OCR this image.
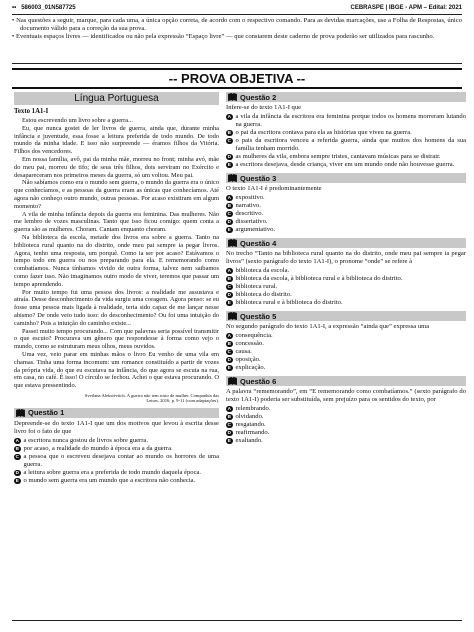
•• 586003_01N587725	CEBRASPE | IBGE - APM – Edital: 2021

• Nas questões a seguir, marque, para cada uma, a única opção correta, de acordo com o respectivo comando. Para as devidas marcações, use a Folha de Respostas, único documento válido para a correção da sua prova.

• Eventuais espaços livres — identificados ou não pela expressão “Espaço livre” — que constarem deste caderno de prova poderão ser utilizados para rascunho.

-- PROVA OBJETIVA --
Língua Portuguesa
Texto 1A1-I

Estou escrevendo um livro sobre a guerra...

Eu, que nunca gostei de ler livros de guerra, ainda que, durante minha infância e juventude, essa fosse a leitura preferida de todo mundo. De todo mundo da minha idade. E isso não surpreende — éramos filhos da Vitória. Filhos dos vencedores.

Em nossa família, avô, pai da minha mãe, morreu no front; minha avó, mãe do meu pai, morreu de tifo; de seus três filhos, dois serviram no Exército e desapareceram nos primeiros meses da guerra, só um voltou. Meu pai.

Não sabíamos como era o mundo sem guerra, o mundo da guerra era o único que conhecíamos, e as pessoas da guerra eram as únicas que conhecíamos. Até agora não conheço outro mundo, outras pessoas. Por acaso existiram em algum momento?

A vila de minha infância depois da guerra era feminina. Das mulheres. Não me lembro de vozes masculinas. Tanto que isso ficou comigo: quem conta a guerra são as mulheres. Choram. Cantam enquanto choram.

Na biblioteca da escola, metade dos livros era sobre a guerra. Tanto na biblioteca rural quanto na do distrito, onde meu pai sempre ia pegar livros. Agora, tenho uma resposta, um porquê. Como ia ser por acaso? Estávamos o tempo todo em guerra ou nos preparando para ela. E rememorando como combatíamos. Nunca tínhamos vivido de outra forma, talvez nem saibamos como fazer isso. Não imaginamos outro modo de viver, teremos que passar um tempo aprendendo.

Por muito tempo fui uma pessoa dos livros: a realidade me assustava e atraía. Desse desconhecimento da vida surgiu uma coragem. Agora penso: se eu fosse uma pessoa mais ligada à realidade, teria sido capaz de me lançar nesse abismo? De onde veio tudo isso: do desconhecimento? Ou foi uma intuição do caminho? Pois a intuição do caminho existe...

Passei muito tempo procurando... Com que palavras seria possível transmitir o que escuto? Procurava um gênero que respondesse à forma como vejo o mundo, como se estruturam meus olhos, meus ouvidos.

Uma vez, veio parar em minhas mãos o livro Eu venho de uma vila em chamas. Tinha uma forma incomum: um romance constituído a partir de vozes da própria vida, do que eu escutava na infância, do que agora se escuta na rua, em casa, no café. É isso! O círculo se fechou. Achei o que estava procurando. O que estava pressentindo.

Svetlana Aleksiévitch. A guerra não tem rosto de mulher. Companhia das Letras, 2016, p. 9-11 (com adaptações).
Questão 1
Depreende-se do texto 1A1-I que um dos motivos que levou à escrita desse livro foi o fato de que
A a escritora nunca gostou de livros sobre guerra.
B por acaso, a realidade do mundo à época era a da guerra.
C a pessoa que o escreveu desejava contar ao mundo os horrores de uma guerra.
D a leitura sobre guerra era a preferida de todo mundo daquela época.
E o mundo sem guerra era um mundo que a escritora não conhecia.
Questão 2
Infere-se do texto 1A1-I que
A a vila da infância da escritora era feminina porque todos os homens morreram lutando na guerra.
B o pai da escritora contava para ela as histórias que viveu na guerra.
C o pais da escritora venceu a referida guerra, ainda que muitos dos homens da sua família tenham morrido.
D as mulheres da vila, embora sempre tristes, cantavam músicas para se distrair.
E a escritora desejava, desde criança, viver em um mundo onde não houvesse guerra.
Questão 3
O texto 1A1-I é predominantemente
A expositivo.
B narrativo.
C descritivo.
D dissertativo.
E argumentativo.
Questão 4
No trecho “Tanto na biblioteca rural quanto na do distrito, onde meu pai sempre ia pegar livros” (sexto parágrafo do texto 1A1-I), o pronome “onde” se refere à
A biblioteca da escola.
B biblioteca da escola, à biblioteca rural e à biblioteca do distrito.
C biblioteca rural.
D biblioteca do distrito.
E biblioteca rural e à biblioteca do distrito.
Questão 5
No segundo parágrafo do texto 1A1-I, a expressão “ainda que” expressa uma
A consequência.
B concessão.
C causa.
D oposição.
E explicação.
Questão 6
A palavra “rememorando”, em “E rememorando como combatíamos.” (sexto parágrafo do texto 1A1-I) poderia ser substituída, sem prejuízo para os sentidos do texto, por
A relembrando.
B olvidando.
C resgatando.
D reafirmando.
E exaltando.
